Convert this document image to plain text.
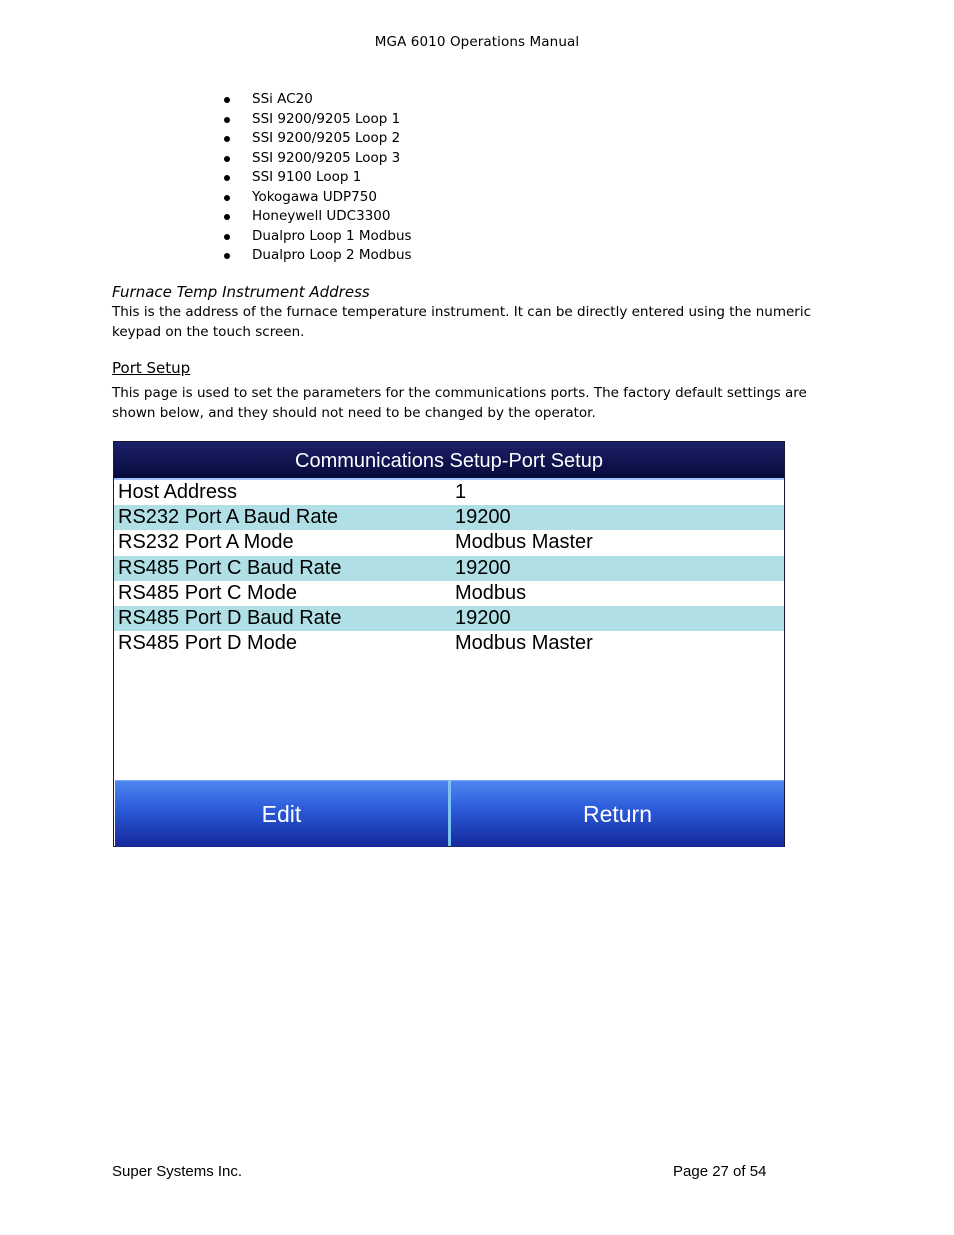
MGA 6010 Operations Manual
SSi AC20
SSI 9200/9205 Loop 1
SSI 9200/9205 Loop 2
SSI 9200/9205 Loop 3
SSI 9100 Loop 1
Yokogawa UDP750
Honeywell UDC3300
Dualpro Loop 1 Modbus
Dualpro Loop 2 Modbus
Furnace Temp Instrument Address
This is the address of the furnace temperature instrument. It can be directly entered using the numeric
keypad on the touch screen.
Port Setup
This page is used to set the parameters for the communications ports. The factory default settings are
shown below, and they should not need to be changed by the operator.
Communications Setup-Port Setup
Host Address	1
RS232 Port A Baud Rate	19200
RS232 Port A Mode	Modbus Master
RS485 Port C Baud Rate	19200
RS485 Port C Mode	Modbus
RS485 Port D Baud Rate	19200
RS485 Port D Mode	Modbus Master
Edit	Return
Super Systems Inc.	Page 27 of 54
